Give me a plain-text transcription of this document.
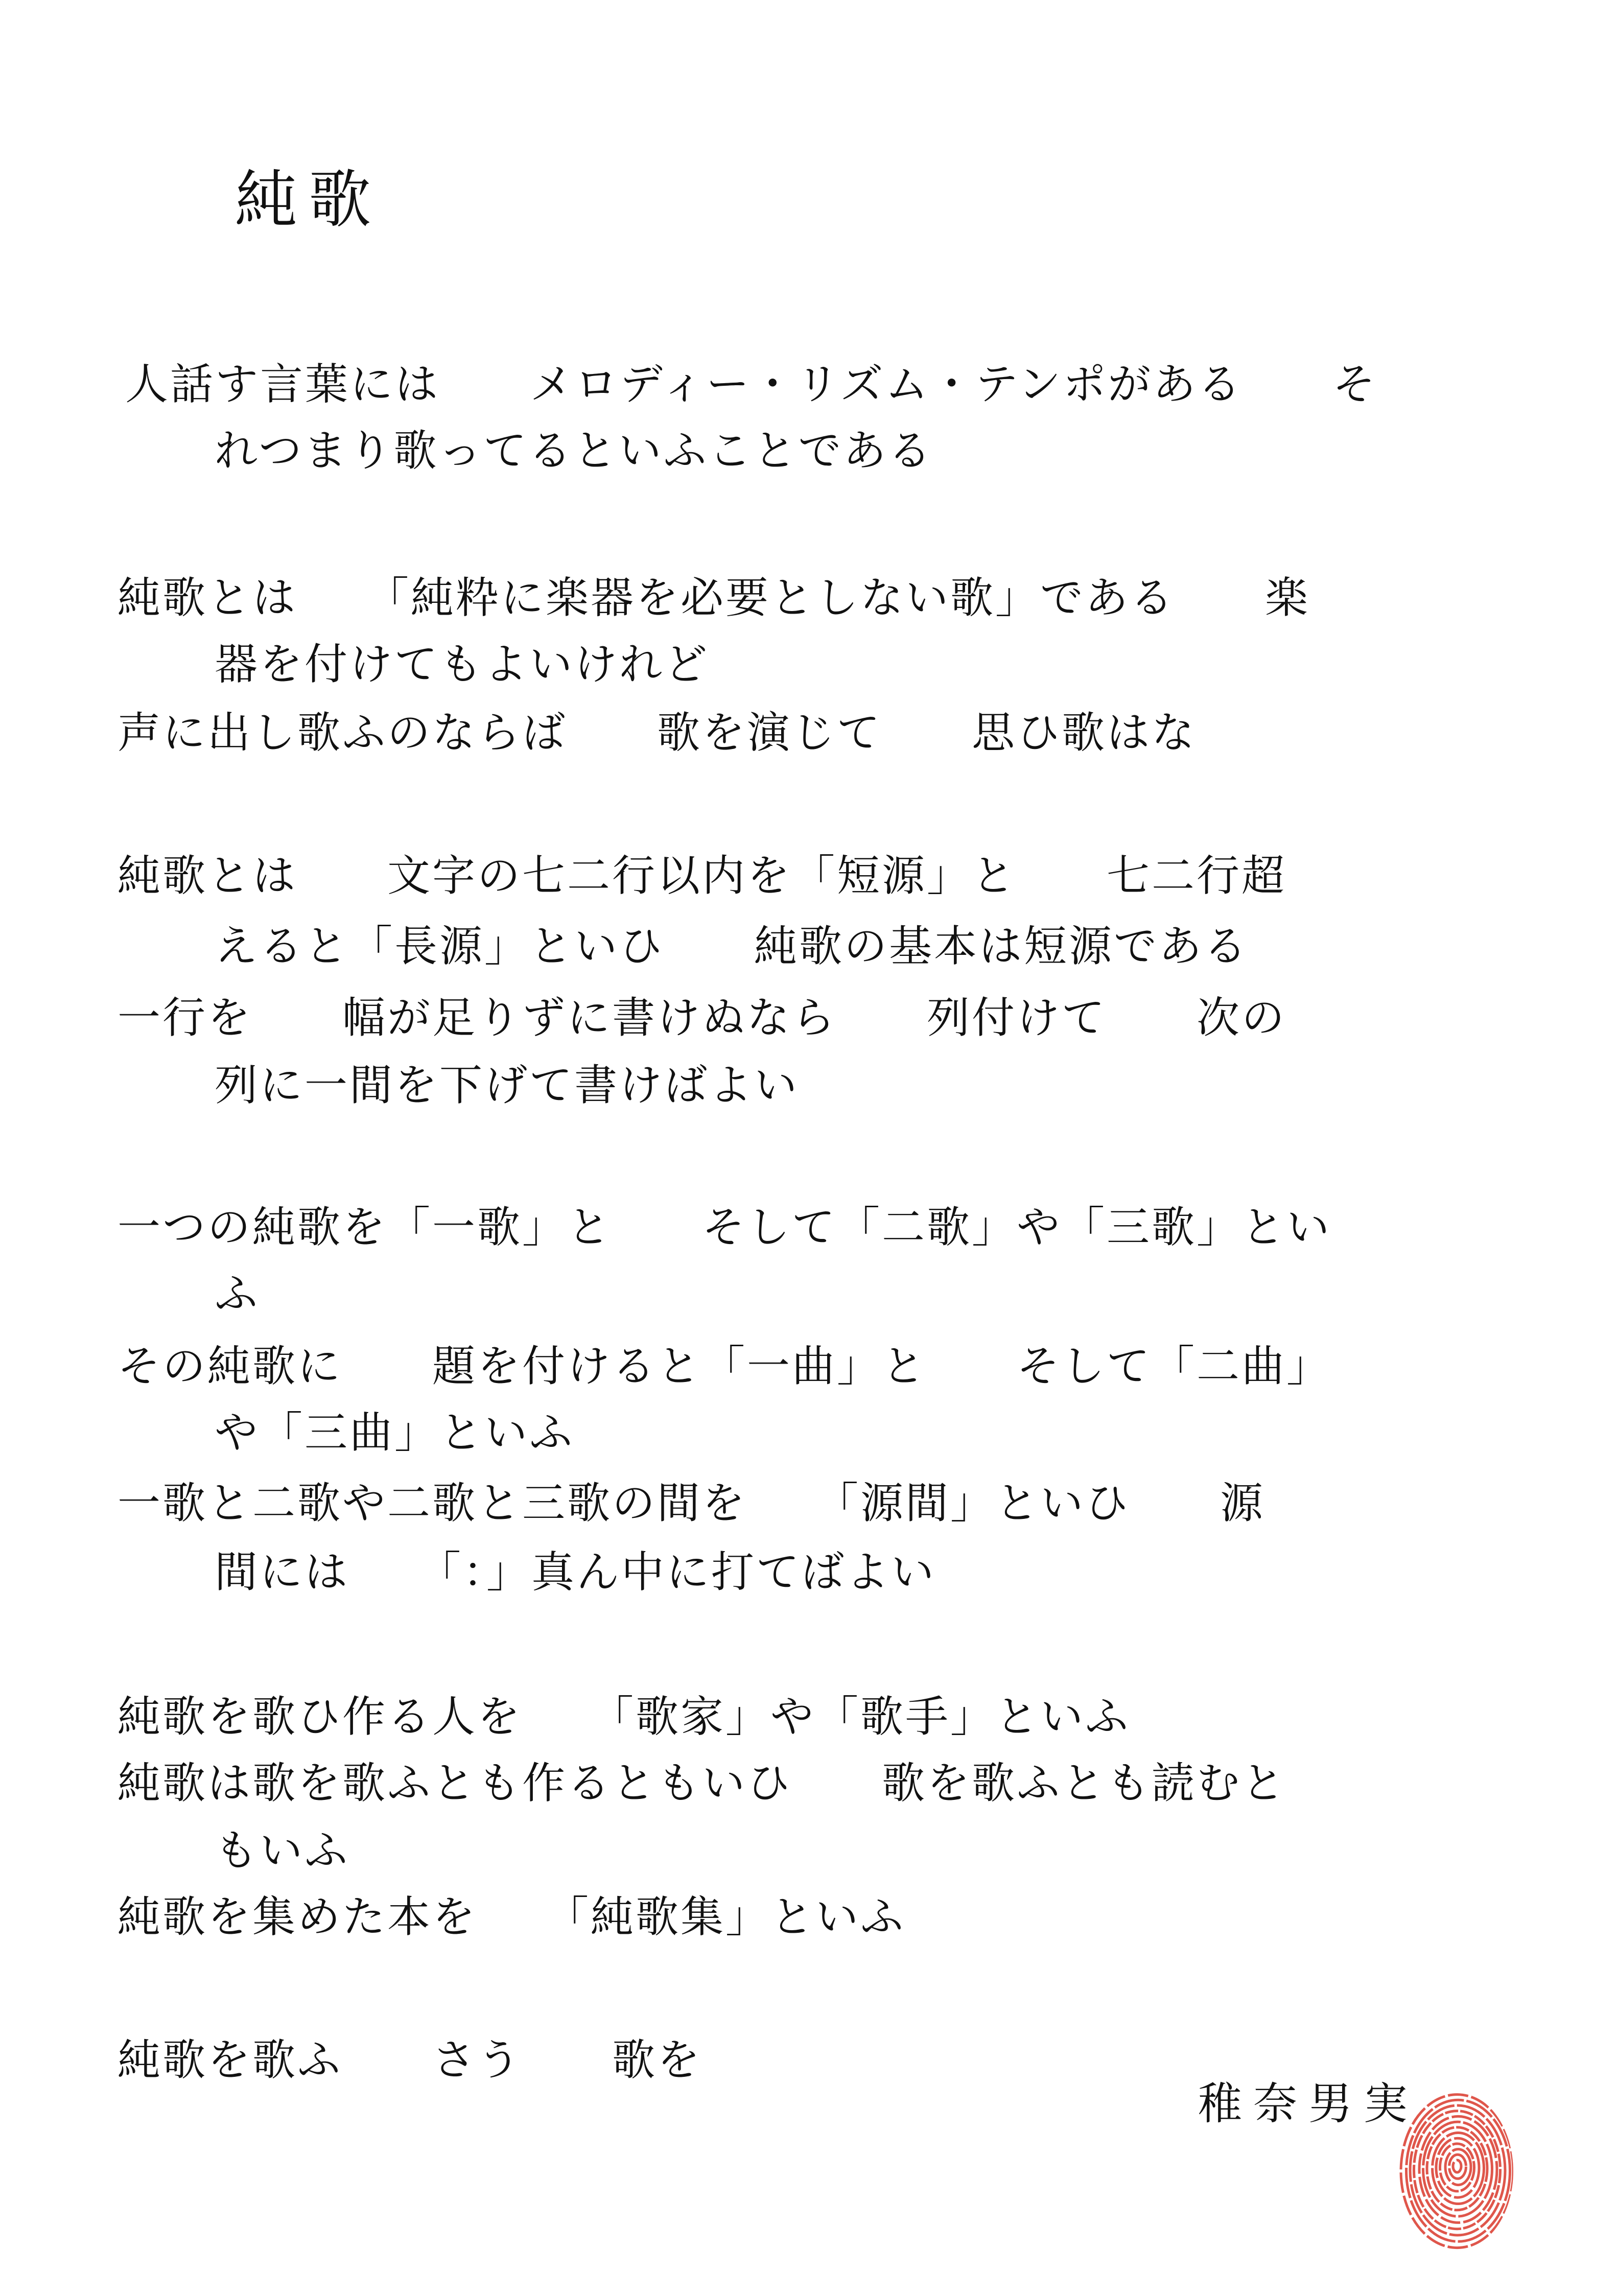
純歌
人話す言葉には　　メロディー・リズム・テンポがある　　そ
れつまり歌ってるといふことである
純歌とは　　「純粋に楽器を必要としない歌」である　　楽
器を付けてもよいけれど
声に出し歌ふのならば　　歌を演じて　　思ひ歌はな
純歌とは　　文字の七二行以内を「短源」と　　七二行超
えると「長源」といひ　　純歌の基本は短源である
一行を　　幅が足りずに書けぬなら　　列付けて　　次の
列に一間を下げて書けばよい
一つの純歌を「一歌」と　　そして「二歌」や「三歌」とい
ふ
その純歌に　　題を付けると「一曲」と　　そして「二曲」
や「三曲」といふ
一歌と二歌や二歌と三歌の間を　　「源間」といひ　　源
間には　　「：」真ん中に打てばよい
純歌を歌ひ作る人を　　「歌家」や「歌手」といふ
純歌は歌を歌ふとも作るともいひ　　歌を歌ふとも読むと
もいふ
純歌を集めた本を　　「純歌集」といふ
純歌を歌ふ　　さう　　歌を
稚奈男実
